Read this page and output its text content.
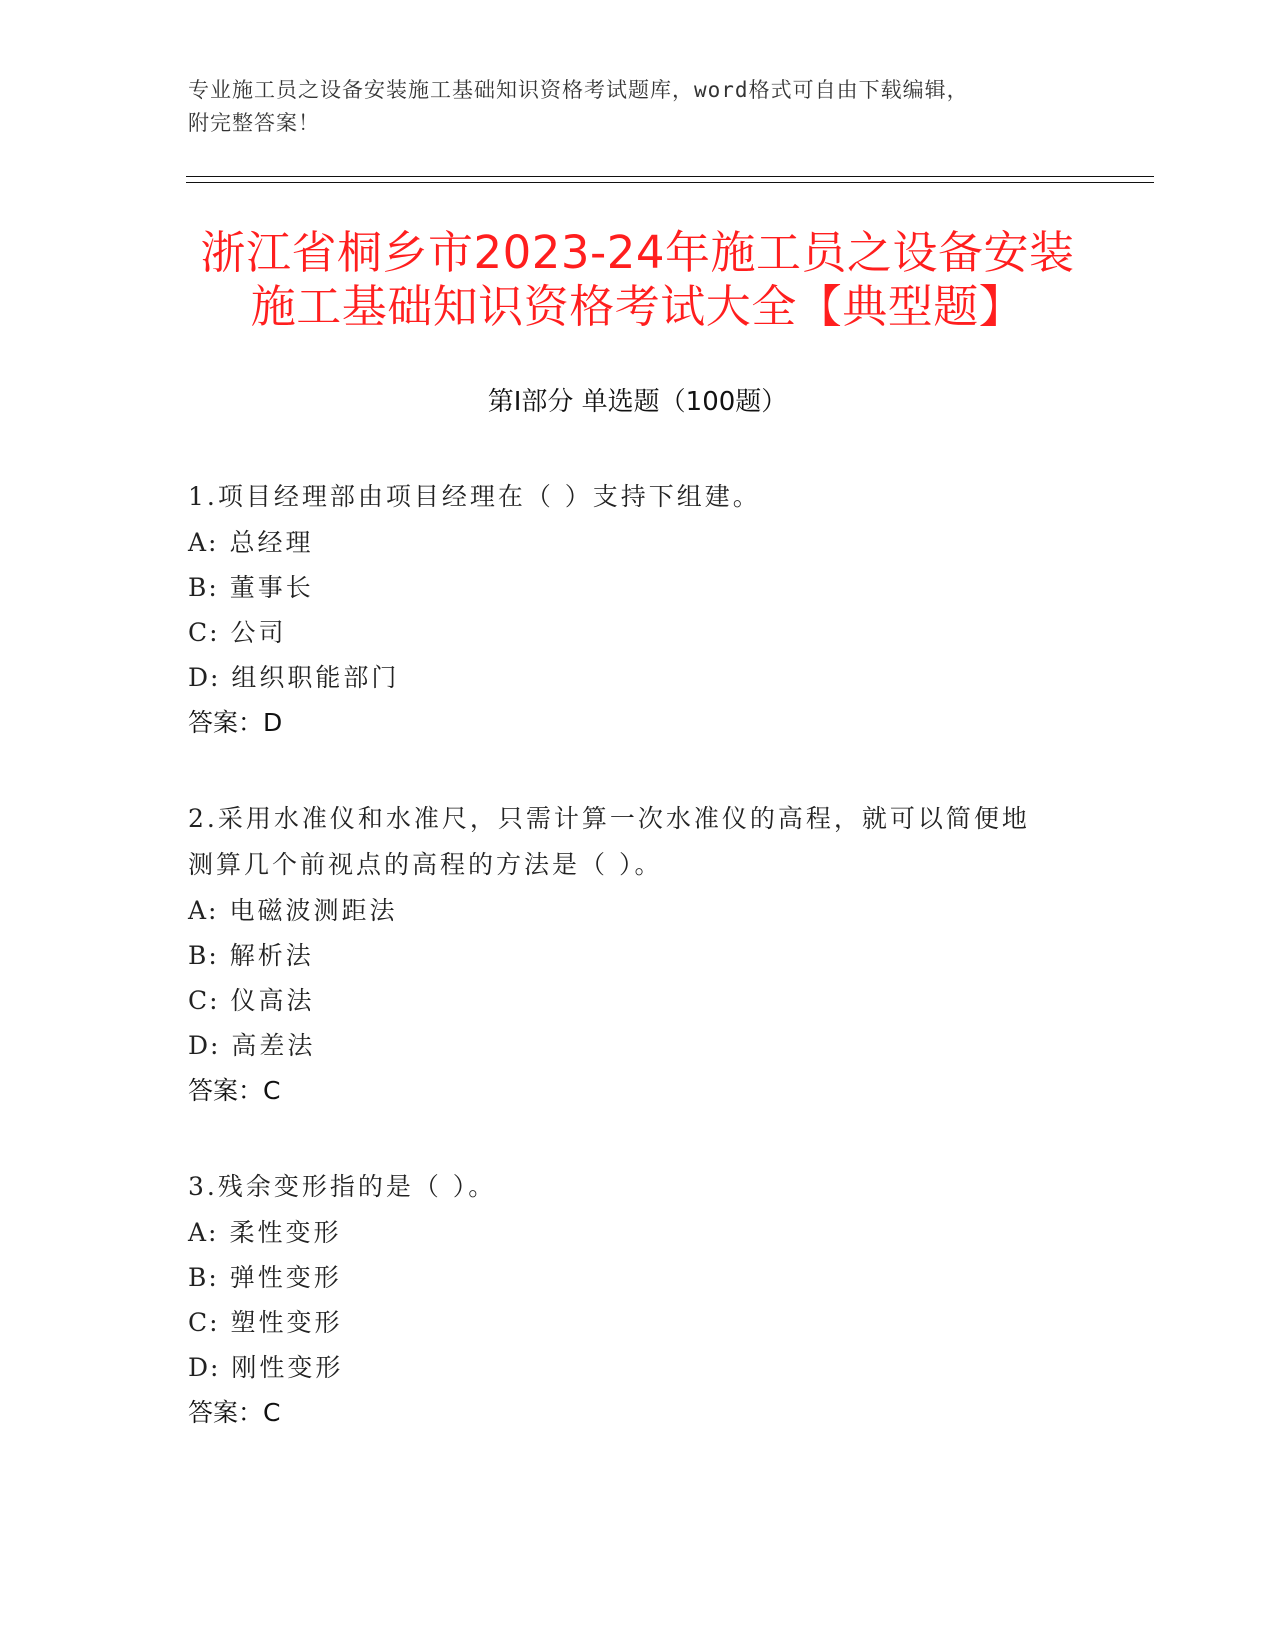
专业施工员之设备安装施工基础知识资格考试题库，word格式可自由下载编辑，
附完整答案！
浙江省桐乡市2023-24年施工员之设备安装
施工基础知识资格考试大全【典型题】
第I部分 单选题（100题）
1.项目经理部由项目经理在（ ）支持下组建。
A: 总经理
B: 董事长
C: 公司
D: 组织职能部门
答案：D
2.采用水准仪和水准尺，只需计算一次水准仪的高程，就可以简便地
测算几个前视点的高程的方法是（ ）。
A: 电磁波测距法
B: 解析法
C: 仪高法
D: 高差法
答案：C
3.残余变形指的是（ ）。
A: 柔性变形
B: 弹性变形
C: 塑性变形
D: 刚性变形
答案：C
